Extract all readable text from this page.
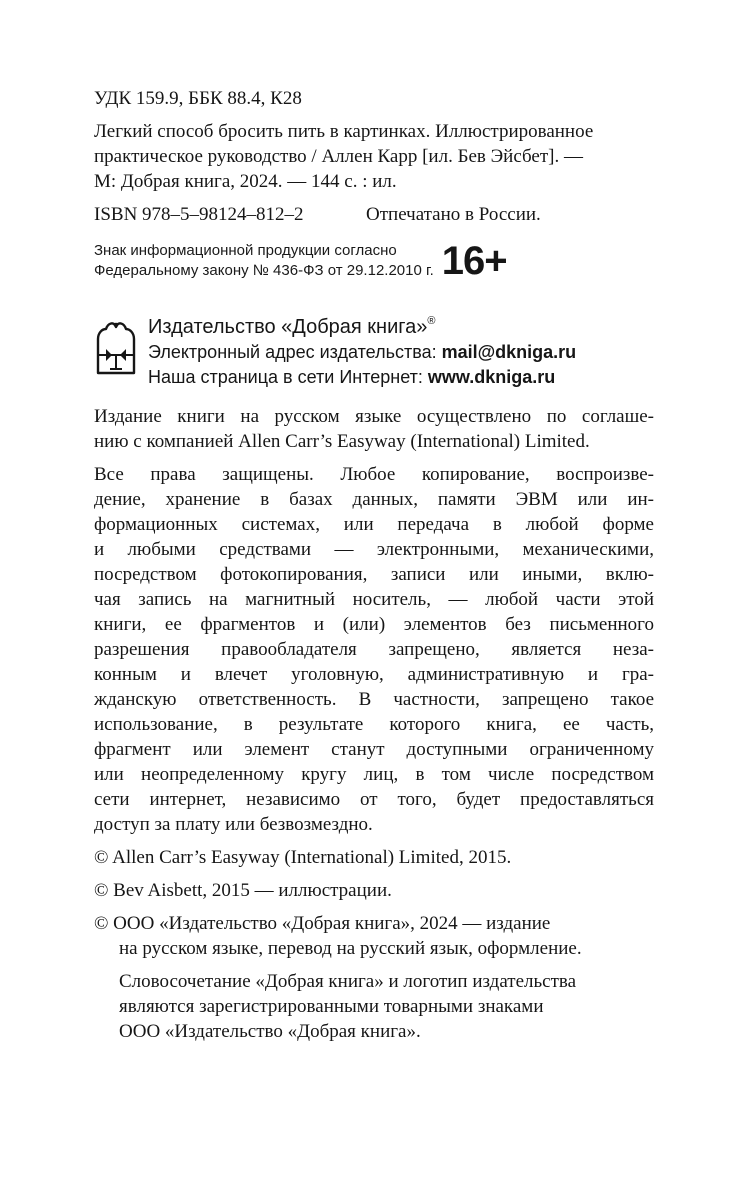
УДК 159.9, ББК 88.4, К28
Легкий способ бросить пить в картинках. Иллюстрированное
практическое руководство / Аллен Карр [ил. Бев Эйсбет]. —
М: Добрая книга, 2024. — 144 с. : ил.
ISBN 978–5–98124–812–2	Отпечатано в России.
Знак информационной продукции согласно
Федеральному закону № 436-ФЗ от 29.12.2010 г. 16+
Издательство «Добрая книга»®
Электронный адрес издательства: mail@dkniga.ru
Наша страница в сети Интернет: www.dkniga.ru
Издание книги на русском языке осуществлено по соглаше-
нию с компанией Allen Carr’s Easyway (International) Limited.
Все права защищены. Любое копирование, воспроизве-
дение, хранение в базах данных, памяти ЭВМ или ин-
формационных системах, или передача в любой форме
и любыми средствами — электронными, механическими,
посредством фотокопирования, записи или иными, вклю-
чая запись на магнитный носитель, — любой части этой
книги, ее фрагментов и (или) элементов без письменного
разрешения правообладателя запрещено, является неза-
конным и влечет уголовную, административную и гра-
жданскую ответственность. В частности, запрещено такое
использование, в результате которого книга, ее часть,
фрагмент или элемент станут доступными ограниченному
или неопределенному кругу лиц, в том числе посредством
сети интернет, независимо от того, будет предоставляться
доступ за плату или безвозмездно.
© Allen Carr’s Easyway (International) Limited, 2015.
© Bev Aisbett, 2015 — иллюстрации.
© ООО «Издательство «Добрая книга», 2024 — издание
на русском языке, перевод на русский язык, оформление.
Словосочетание «Добрая книга» и логотип издательства
являются зарегистрированными товарными знаками
ООО «Издательство «Добрая книга».
